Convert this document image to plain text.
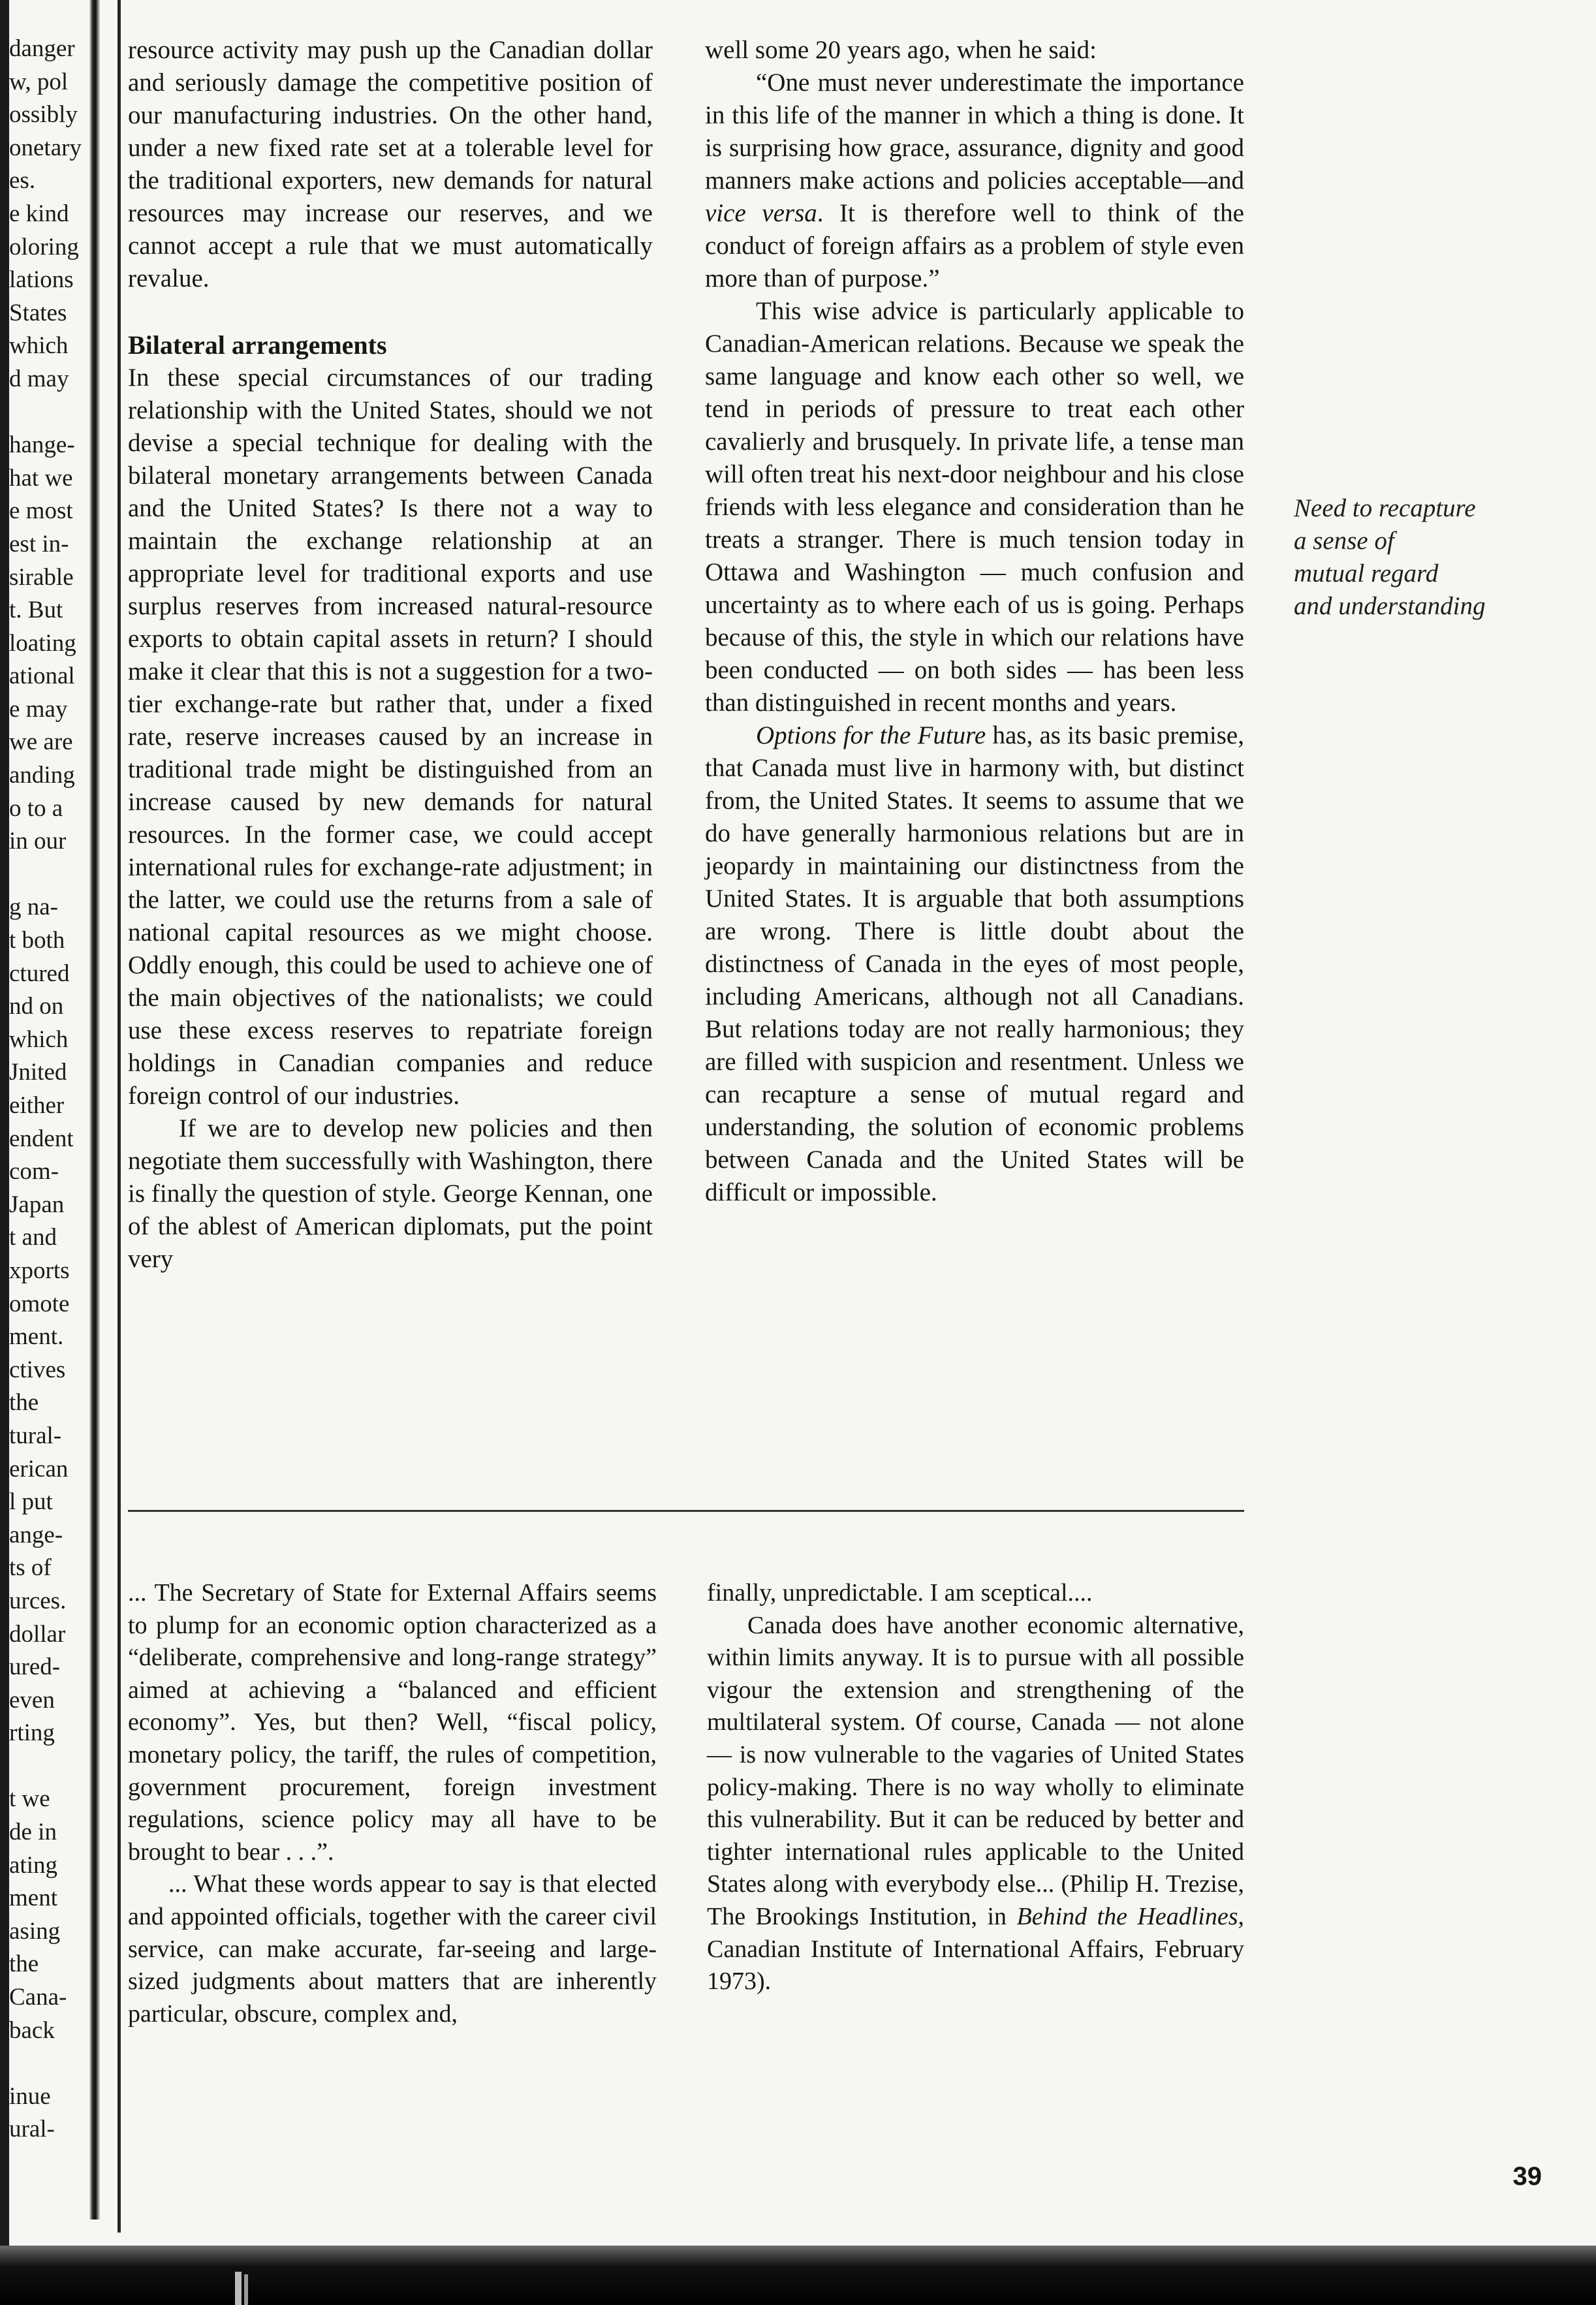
danger
w, pol
ossibly
onetary
es.
e kind
oloring
lations
States
which
d may
hange-
hat we
e most
est in-
sirable
t. But
loating
ational
e may
we are
anding
o to a
in our
g na-
t both
ctured
nd on
which
Jnited
either
endent
com-
Japan
t and
xports
omote
ment.
ctives
the
tural-
erican
l put
ange-
ts of
urces.
dollar
ured-
even
rting
t we
de in
ating
ment
asing
the
Cana-
back
inue
ural-

resource activity may push up the Canadian dollar and seriously damage the competitive position of our manufacturing industries. On the other hand, under a new fixed rate set at a tolerable level for the traditional exporters, new demands for natural resources may increase our reserves, and we cannot accept a rule that we must automatically revalue.

Bilateral arrangements

In these special circumstances of our trading relationship with the United States, should we not devise a special technique for dealing with the bilateral monetary arrangements between Canada and the United States? Is there not a way to maintain the exchange relationship at an appropriate level for traditional exports and use surplus reserves from increased natural-resource exports to obtain capital assets in return? I should make it clear that this is not a suggestion for a two-tier exchange-rate but rather that, under a fixed rate, reserve increases caused by an increase in traditional trade might be distinguished from an increase caused by new demands for natural resources. In the former case, we could accept international rules for exchange-rate adjustment; in the latter, we could use the returns from a sale of national capital resources as we might choose. Oddly enough, this could be used to achieve one of the main objectives of the nationalists; we could use these excess reserves to repatriate foreign holdings in Canadian companies and reduce foreign control of our industries.

If we are to develop new policies and then negotiate them successfully with Washington, there is finally the question of style. George Kennan, one of the ablest of American diplomats, put the point very

well some 20 years ago, when he said:

“One must never underestimate the importance in this life of the manner in which a thing is done. It is surprising how grace, assurance, dignity and good manners make actions and policies acceptable—and vice versa. It is therefore well to think of the conduct of foreign affairs as a problem of style even more than of purpose.”

This wise advice is particularly applicable to Canadian-American relations. Because we speak the same language and know each other so well, we tend in periods of pressure to treat each other cavalierly and brusquely. In private life, a tense man will often treat his next-door neighbour and his close friends with less elegance and consideration than he treats a stranger. There is much tension today in Ottawa and Washington — much confusion and uncertainty as to where each of us is going. Perhaps because of this, the style in which our relations have been conducted — on both sides — has been less than distinguished in recent months and years.

Options for the Future has, as its basic premise, that Canada must live in harmony with, but distinct from, the United States. It seems to assume that we do have generally harmonious relations but are in jeopardy in maintaining our distinctness from the United States. It is arguable that both assumptions are wrong. There is little doubt about the distinctness of Canada in the eyes of most people, including Americans, although not all Canadians. But relations today are not really harmonious; they are filled with suspicion and resentment. Unless we can recapture a sense of mutual regard and understanding, the solution of economic problems between Canada and the United States will be difficult or impossible.

Need to recapture
a sense of
mutual regard
and understanding

... The Secretary of State for External Affairs seems to plump for an economic option characterized as a “deliberate, comprehensive and long-range strategy” aimed at achieving a “balanced and efficient economy”. Yes, but then? Well, “fiscal policy, monetary policy, the tariff, the rules of competition, government procurement, foreign investment regulations, science policy may all have to be brought to bear . . .”.

... What these words appear to say is that elected and appointed officials, together with the career civil service, can make accurate, far-seeing and large-sized judgments about matters that are inherently particular, obscure, complex and,

finally, unpredictable. I am sceptical....

Canada does have another economic alternative, within limits anyway. It is to pursue with all possible vigour the extension and strengthening of the multilateral system. Of course, Canada — not alone — is now vulnerable to the vagaries of United States policy-making. There is no way wholly to eliminate this vulnerability. But it can be reduced by better and tighter international rules applicable to the United States along with everybody else... (Philip H. Trezise, The Brookings Institution, in Behind the Headlines, Canadian Institute of International Affairs, February 1973).

39
